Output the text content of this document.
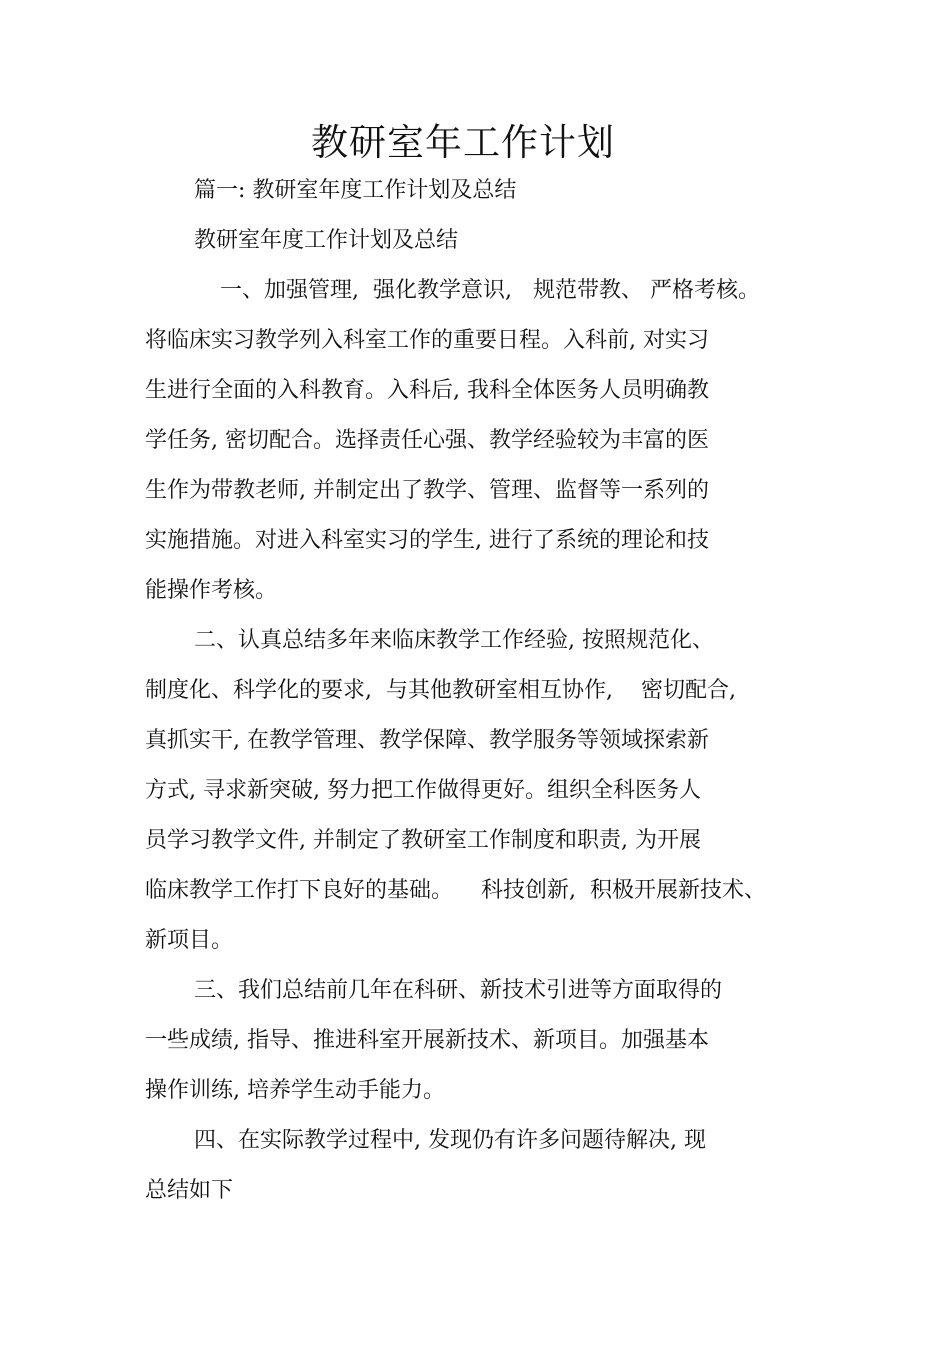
教研室年工作计划
篇一: 教研室年度工作计划及总结
教研室年度工作计划及总结
一、加强管理,  强化教学意识,   规范带教、 严格考核。
将临床实习教学列入科室工作的重要日程。入科前, 对实习
生进行全面的入科教育。入科后, 我科全体医务人员明确教
学任务, 密切配合。选择责任心强、教学经验较为丰富的医
生作为带教老师, 并制定出了教学、管理、监督等一系列的
实施措施。对进入科室实习的学生, 进行了系统的理论和技
能操作考核。
二、认真总结多年来临床教学工作经验, 按照规范化、
制度化、科学化的要求,  与其他教研室相互协作,    密切配合,
真抓实干, 在教学管理、教学保障、教学服务等领域探索新
方式, 寻求新突破, 努力把工作做得更好。组织全科医务人
员学习教学文件, 并制定了教研室工作制度和职责, 为开展
临床教学工作打下良好的基础。    科技创新,  积极开展新技术、
新项目。
三、我们总结前几年在科研、新技术引进等方面取得的
一些成绩, 指导、推进科室开展新技术、新项目。加强基本
操作训练, 培养学生动手能力。
四、在实际教学过程中, 发现仍有许多问题待解决, 现
总结如下
